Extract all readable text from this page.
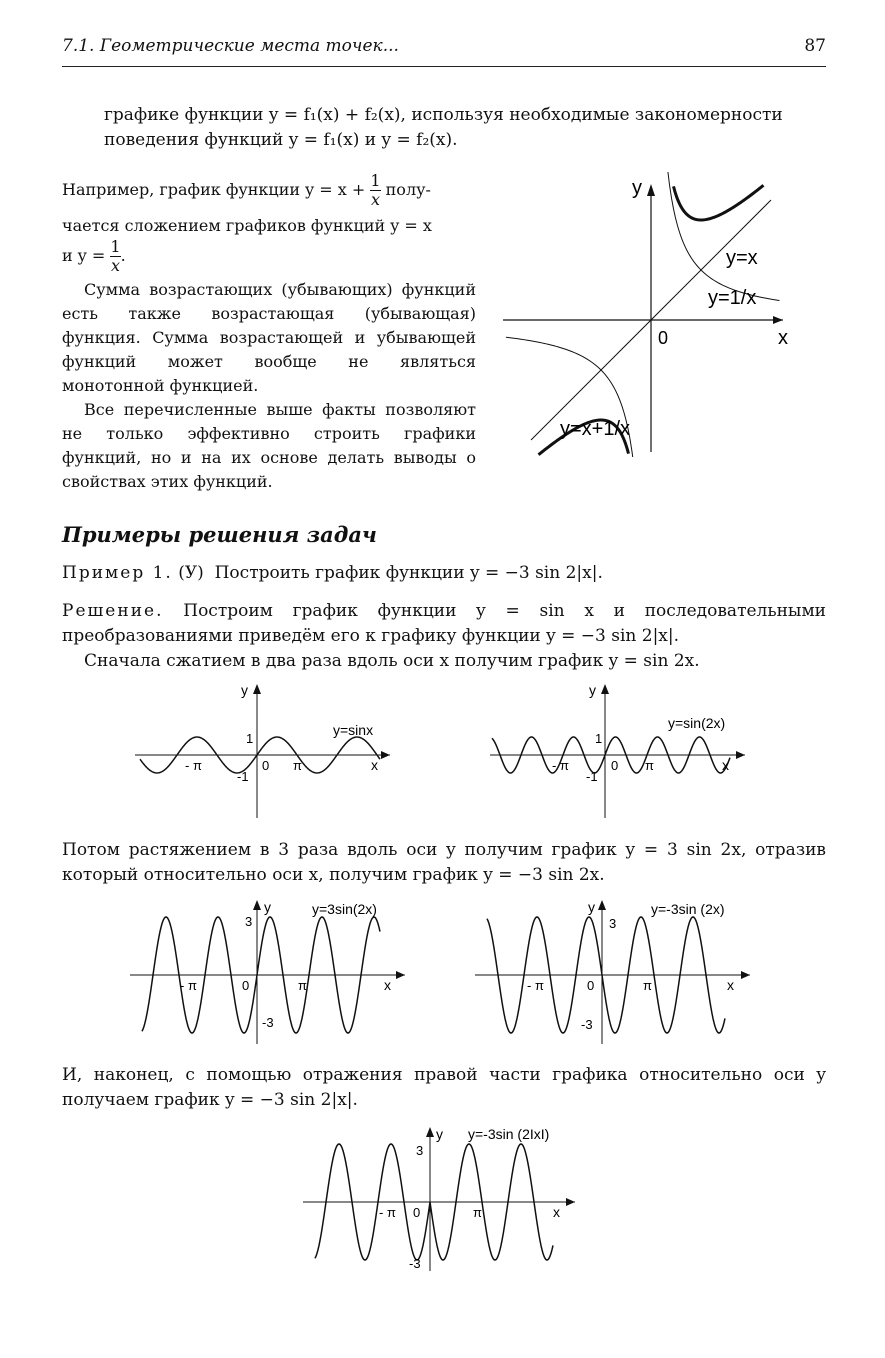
7.1. Геометрические места точек...	87
графике функции y = f₁(x) + f₂(x), используя необходимые закономерности
поведения функций y = f₁(x) и y = f₂(x).
Например, график функции $y = x + \frac{1}{x}$ полу-
чается сложением графиков функций y = x
и $y = \frac{1}{x}$ .
Сумма возрастающих (убывающих) функций есть также возрастающая (убывающая) функция. Сумма возрастающей и убывающей функций может вообще не являться монотонной функцией.
Все перечисленные выше факты позволяют не только эффективно строить графики функций, но и на их основе делать выводы о свойствах этих функций.
y
x
0
y=x
y=1/x
y=x+1/x
Примеры решения задач
Пример 1. (У) Построить график функции y = −3 sin 2|x|.
Решение. Построим график функции y = sin x и последовательными преобразованиями приведём его к графику функции y = −3 sin 2|x|.
Сначала сжатием в два раза вдоль оси x получим график y = sin 2x.
y
x
1
-1
0 π
- π
y=sinx
y
x
1
-1
0 π
- π
y=sin(2x)
Потом растяжением в 3 раза вдоль оси y получим график y = 3 sin 2x, отразив который относительно оси x, получим график y = −3 sin 2x.
y
x
3
-3
0	π
- π
y=3sin(2x)	y
x
3
-3
0	π
- π
y=-3sin (2x)
И, наконец, с помощью отражения правой части графика относительно оси y получаем график y = −3 sin 2|x|.
y
x
3
-3
0	π
- π
y=-3sin (2IxI)
